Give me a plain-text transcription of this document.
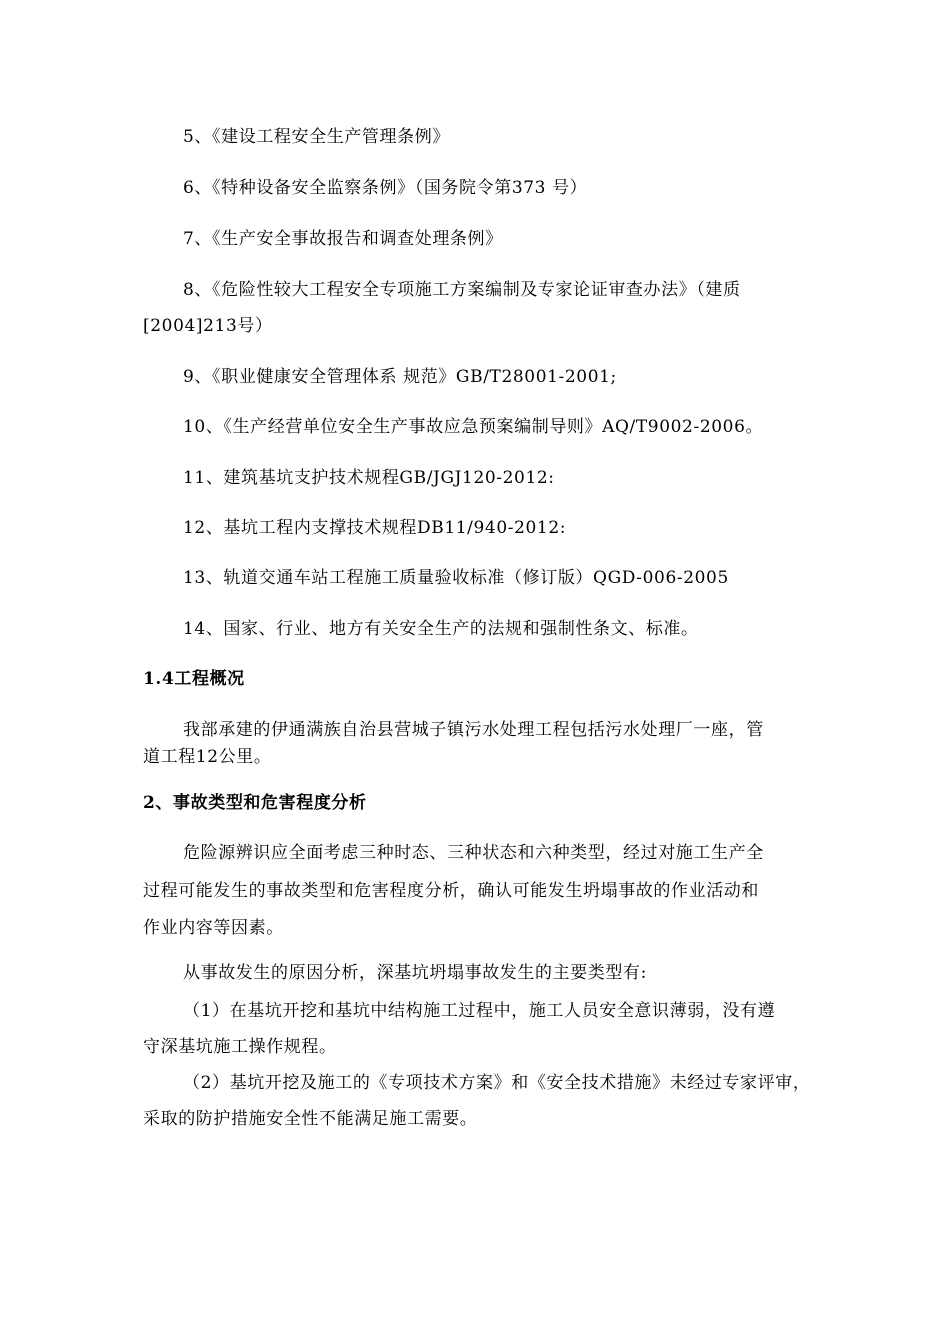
5、《建设工程安全生产管理条例》
6、《特种设备安全监察条例》（国务院令第373 号）
7、《生产安全事故报告和调查处理条例》
8、《危险性较大工程安全专项施工方案编制及专家论证审查办法》（建质
[2004]213号）
9、《职业健康安全管理体系 规范》GB/T28001-2001;
10、《生产经营单位安全生产事故应急预案编制导则》AQ/T9002-2006。
11、建筑基坑支护技术规程GB/JGJ120-2012:
12、基坑工程内支撑技术规程DB11/940-2012:
13、轨道交通车站工程施工质量验收标准（修订版）QGD-006-2005
14、国家、行业、地方有关安全生产的法规和强制性条文、标准。
1.4工程概况
我部承建的伊通满族自治县营城子镇污水处理工程包括污水处理厂一座，管
道工程12公里。
2、事故类型和危害程度分析
危险源辨识应全面考虑三种时态、三种状态和六种类型，经过对施工生产全
过程可能发生的事故类型和危害程度分析，确认可能发生坍塌事故的作业活动和
作业内容等因素。
从事故发生的原因分析，深基坑坍塌事故发生的主要类型有:
（1）在基坑开挖和基坑中结构施工过程中，施工人员安全意识薄弱，没有遵
守深基坑施工操作规程。
（2）基坑开挖及施工的《专项技术方案》和《安全技术措施》未经过专家评审，
采取的防护措施安全性不能满足施工需要。
